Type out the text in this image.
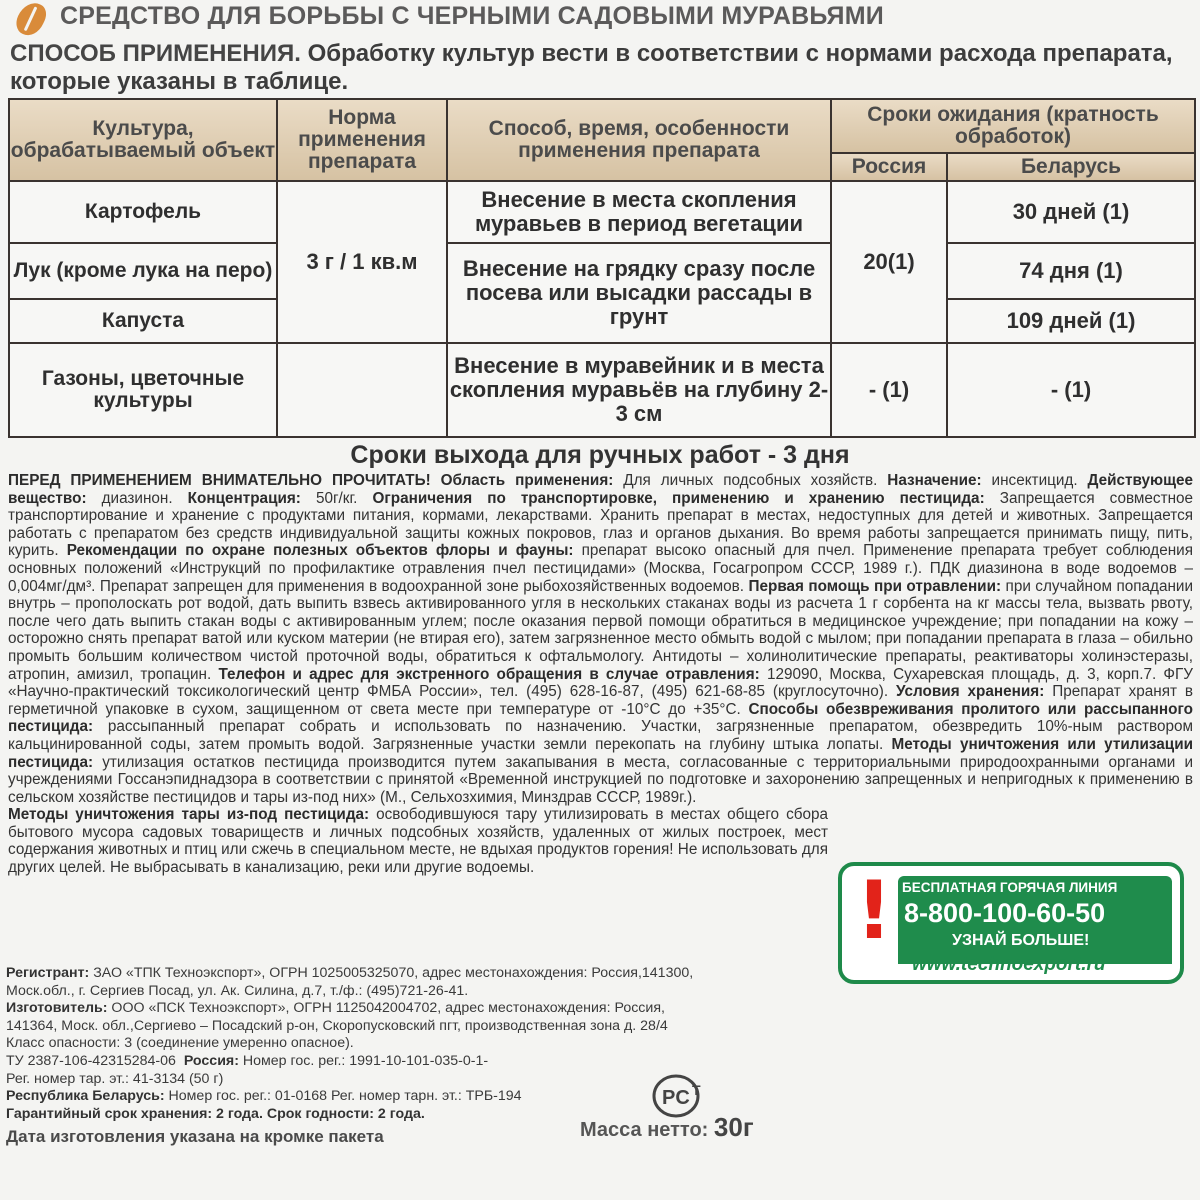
СРЕДСТВО ДЛЯ БОРЬБЫ С ЧЕРНЫМИ САДОВЫМИ МУРАВЬЯМИ
СПОСОБ ПРИМЕНЕНИЯ. Обработку культур вести в соответствии с нормами расхода препарата, которые указаны в таблице.
Культура, обрабатываемый объект	Норма применения препарата	Способ, время, особенности применения препарата	Сроки ожидания (кратность обработок)	
			Россия	Беларусь
Картофель	3 г / 1 кв.м	Внесение в места скопления муравьев в период вегетации	20(1)	30 дней (1)
Лук (кроме лука на перо)		Внесение на грядку сразу после посева или высадки рассады в грунт		74 дня (1)
Капуста				109 дней (1)
Газоны, цветочные культуры		Внесение в муравейник и в места скопления муравьёв на глубину 2-3 см	- (1)	- (1)
Сроки выхода для ручных работ - 3 дня
ПЕРЕД ПРИМЕНЕНИЕМ ВНИМАТЕЛЬНО ПРОЧИТАТЬ! Область применения: Для личных подсобных хозяйств. Назначение: инсектицид. Действующее вещество: диазинон. Концентрация: 50г/кг. Ограничения по транспортировке, применению и хранению пестицида: Запрещается совместное транспортирование и хранение с продуктами питания, кормами, лекарствами. Хранить препарат в местах, недоступных для детей и животных. Запрещается работать с препаратом без средств индивидуальной защиты кожных покровов, глаз и органов дыхания. Во время работы запрещается принимать пищу, пить, курить. Рекомендации по охране полезных объектов флоры и фауны: препарат высоко опасный для пчел. Применение препарата требует соблюдения основных положений «Инструкций по профилактике отравления пчел пестицидами» (Москва, Госагропром СССР, 1989 г.). ПДК диазинона в воде водоемов – 0,004мг/дм³. Препарат запрещен для применения в водоохранной зоне рыбохозяйственных водоемов. Первая помощь при отравлении: при случайном попадании внутрь – прополоскать рот водой, дать выпить взвесь активированного угля в нескольких стаканах воды из расчета 1 г сорбента на кг массы тела, вызвать рвоту, после чего дать выпить стакан воды с активированным углем; после оказания первой помощи обратиться в медицинское учреждение; при попадании на кожу – осторожно снять препарат ватой или куском материи (не втирая его), затем загрязненное место обмыть водой с мылом; при попадании препарата в глаза – обильно промыть большим количеством чистой проточной воды, обратиться к офтальмологу. Антидоты – холинолитические препараты, реактиваторы холинэстеразы, атропин, амизил, тропацин. Телефон и адрес для экстренного обращения в случае отравления: 129090, Москва, Сухаревская площадь, д. 3, корп.7. ФГУ «Научно-практический токсикологический центр ФМБА России», тел. (495) 628-16-87, (495) 621-68-85 (круглосуточно). Условия хранения: Препарат хранят в герметичной упаковке в сухом, защищенном от света месте при температуре от -10°С до +35°С. Способы обезвреживания пролитого или рассыпанного пестицида: рассыпанный препарат собрать и использовать по назначению. Участки, загрязненные препаратом, обезвредить 10%-ным раствором кальцинированной соды, затем промыть водой. Загрязненные участки земли перекопать на глубину штыка лопаты. Методы уничтожения или утилизации пестицида: утилизация остатков пестицида производится путем закапывания в места, согласованные с территориальными природоохранными органами и учреждениями Госсанэпиднадзора в соответствии с принятой «Временной инструкцией по подготовке и захоронению запрещенных и непригодных к применению в сельском хозяйстве пестицидов и тары из-под них» (М., Сельхозхимия, Минздрав СССР, 1989г.).
Методы уничтожения тары из-под пестицида: освободившуюся тару утилизировать в местах общего сбора бытового мусора садовых товариществ и личных подсобных хозяйств, удаленных от жилых построек, мест содержания животных и птиц или сжечь в специальном месте, не вдыхая продуктов горения! Не использовать для других целей. Не выбрасывать в канализацию, реки или другие водоемы.	! БЕСПЛАТНАЯ ГОРЯЧАЯ ЛИНИЯ
8-800-100-60-50
УЗНАЙ БОЛЬШЕ!
www.technoexport.ru
Регистрант: ЗАО «ТПК Техноэкспорт», ОГРН 1025005325070, адрес местонахождения: Россия,141300,
Моск.обл., г. Сергиев Посад, ул. Ак. Силина, д.7, т./ф.: (495)721-26-41.
Изготовитель: ООО «ПСК Техноэкспорт», ОГРН 1125042004702, адрес местонахождения: Россия,
141364, Моск. обл.,Сергиево – Посадский р-он, Скоропусковский пгт, производственная зона д. 28/4
Класс опасности: 3 (соединение умеренно опасное).
ТУ 2387-106-42315284-06 Россия: Номер гос. рег.: 1991-10-101-035-0-1-
Рег. номер тар. эт.: 41-3134 (50 г)
Республика Беларусь: Номер гос. рег.: 01-0168 Рег. номер тарн. эт.: ТРБ-194
Гарантийный срок хранения: 2 года. Срок годности: 2 года.
PC T
Масса нетто: 30г
Дата изготовления указана на кромке пакета
